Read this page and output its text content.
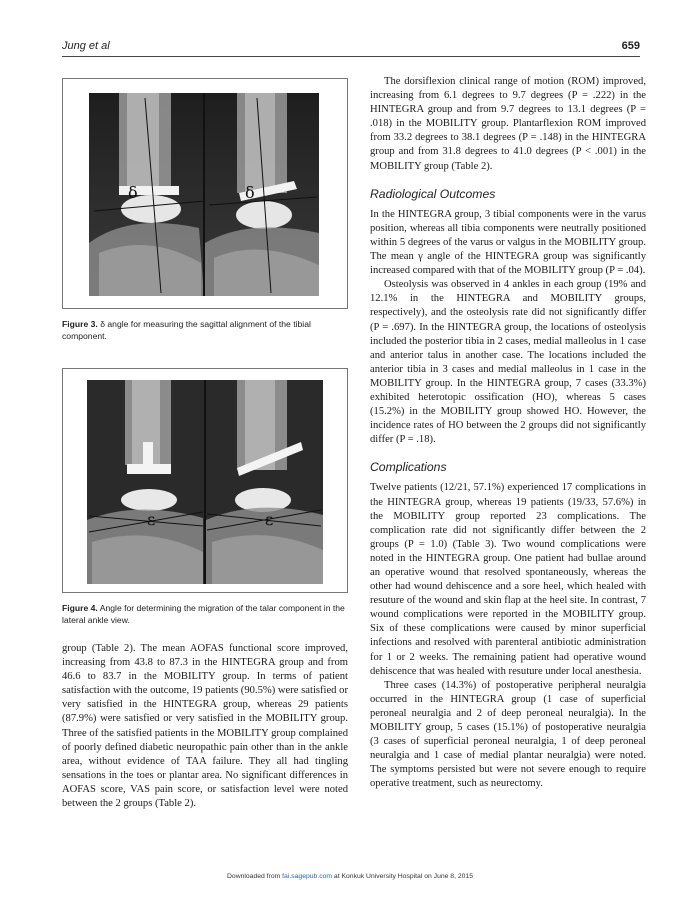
Jung et al	659
δ	δ
Figure 3. δ angle for measuring the sagittal alignment of the tibial component.
ε	ε
Figure 4. Angle for determining the migration of the talar component in the lateral ankle view.

group (Table 2). The mean AOFAS functional score improved, increasing from 43.8 to 87.3 in the HINTEGRA group and from 46.6 to 83.7 in the MOBILITY group. In terms of patient satisfaction with the outcome, 19 patients (90.5%) were satisfied or very satisfied in the HINTEGRA group, whereas 29 patients (87.9%) were satisfied or very satisfied in the MOBILITY group. Three of the satisfied patients in the MOBILITY group complained of poorly defined diabetic neuropathic pain other than in the ankle area, without evidence of TAA failure. They all had tingling sensations in the toes or plantar area. No significant differences in AOFAS score, VAS pain score, or satisfaction level were noted between the 2 groups (Table 2).

The dorsiflexion clinical range of motion (ROM) improved, increasing from 6.1 degrees to 9.7 degrees (P = .222) in the HINTEGRA group and from 9.7 degrees to 13.1 degrees (P = .018) in the MOBILITY group. Plantarflexion ROM improved from 33.2 degrees to 38.1 degrees (P = .148) in the HINTEGRA group and from 31.8 degrees to 41.0 degrees (P < .001) in the MOBILITY group (Table 2).

Radiological Outcomes

In the HINTEGRA group, 3 tibial components were in the varus position, whereas all tibia components were neutrally positioned within 5 degrees of the varus or valgus in the MOBILITY group. The mean γ angle of the HINTEGRA group was significantly increased compared with that of the MOBILITY group (P = .04).

Osteolysis was observed in 4 ankles in each group (19% and 12.1% in the HINTEGRA and MOBILITY groups, respectively), and the osteolysis rate did not significantly differ (P = .697). In the HINTEGRA group, the locations of osteolysis included the posterior tibia in 2 cases, medial malleolus in 1 case and anterior talus in another case. The locations included the anterior tibia in 3 cases and medial malleolus in 1 case in the MOBILITY group. In the HINTEGRA group, 7 cases (33.3%) exhibited heterotopic ossification (HO), whereas 5 cases (15.2%) in the MOBILITY group showed HO. However, the incidence rates of HO between the 2 groups did not significantly differ (P = .18).

Complications

Twelve patients (12/21, 57.1%) experienced 17 complications in the HINTEGRA group, whereas 19 patients (19/33, 57.6%) in the MOBILITY group reported 23 complications. The complication rate did not significantly differ between the 2 groups (P = 1.0) (Table 3). Two wound complications were noted in the HINTEGRA group. One patient had bullae around an operative wound that resolved spontaneously, whereas the other had wound dehiscence and a sore heel, which healed with resuture of the wound and skin flap at the heel site. In contrast, 7 wound complications were reported in the MOBILITY group. Six of these complications were caused by minor superficial infections and resolved with parenteral antibiotic administration for 1 or 2 weeks. The remaining patient had operative wound dehiscence that was healed with resuture under local anesthesia.

Three cases (14.3%) of postoperative peripheral neuralgia occurred in the HINTEGRA group (1 case of superficial peroneal neuralgia and 2 of deep peroneal neuralgia). In the MOBILITY group, 5 cases (15.1%) of postoperative neuralgia (3 cases of superficial peroneal neuralgia, 1 of deep peroneal neuralgia and 1 case of medial plantar neuralgia) were noted. The symptoms persisted but were not severe enough to require operative treatment, such as neurectomy.

Downloaded from fai.sagepub.com at Konkuk University Hospital on June 8, 2015
